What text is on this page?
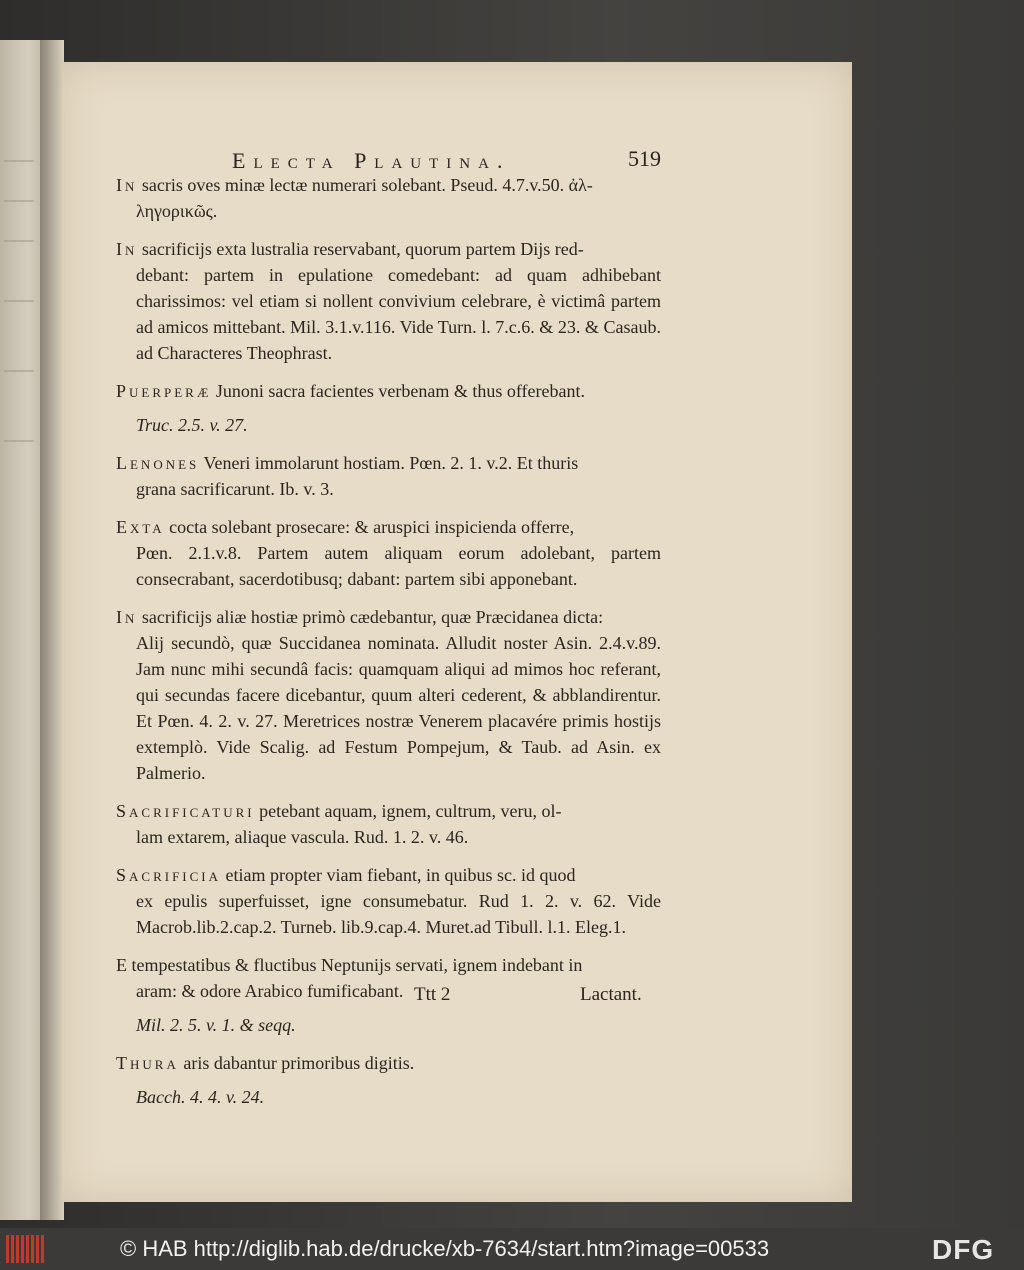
Electa Plautina.	519

In sacris oves minæ lectæ numerari solebant. Pseud. 4.7.v.50. ἀλ-
ληγορικῶς.

In sacrificijs exta lustralia reservabant, quorum partem Dijs red-
debant: partem in epulatione comedebant: ad quam adhibebant charissimos: vel etiam si nollent convivium celebrare, è victimâ partem ad amicos mittebant. Mil. 3.1.v.116. Vide Turn. l. 7.c.6. & 23. & Casaub. ad Characteres Theophrast.

Puerperæ Junoni sacra facientes verbenam & thus offerebant.
Truc. 2.5. v. 27.

Lenones Veneri immolarunt hostiam. Pœn. 2. 1. v.2. Et thuris
grana sacrificarunt. Ib. v. 3.

Exta cocta solebant prosecare: & aruspici inspicienda offerre,
Pœn. 2.1.v.8. Partem autem aliquam eorum adolebant, partem consecrabant, sacerdotibusq; dabant: partem sibi apponebant.

In sacrificijs aliæ hostiæ primò cædebantur, quæ Præcidanea dicta:
Alij secundò, quæ Succidanea nominata. Alludit noster Asin. 2.4.v.89. Jam nunc mihi secundâ facis: quamquam aliqui ad mimos hoc referant, qui secundas facere dicebantur, quum alteri cederent, & abblandirentur. Et Pœn. 4. 2. v. 27. Meretrices nostræ Venerem placavére primis hostijs extemplò. Vide Scalig. ad Festum Pompejum, & Taub. ad Asin. ex Palmerio.

Sacrificaturi petebant aquam, ignem, cultrum, veru, ol-
lam extarem, aliaque vascula. Rud. 1. 2. v. 46.

Sacrificia etiam propter viam fiebant, in quibus sc. id quod
ex epulis superfuisset, igne consumebatur. Rud 1. 2. v. 62. Vide Macrob.lib.2.cap.2. Turneb. lib.9.cap.4. Muret.ad Tibull. l.1. Eleg.1.

E tempestatibus & fluctibus Neptunijs servati, ignem indebant in
aram: & odore Arabico fumificabant.
Mil. 2. 5. v. 1. & seqq.

Thura aris dabantur primoribus digitis.
Bacch. 4. 4. v. 24.

Ttt 2	Lactant.
© HAB http://diglib.hab.de/drucke/xb-7634/start.htm?image=00533	DFG
